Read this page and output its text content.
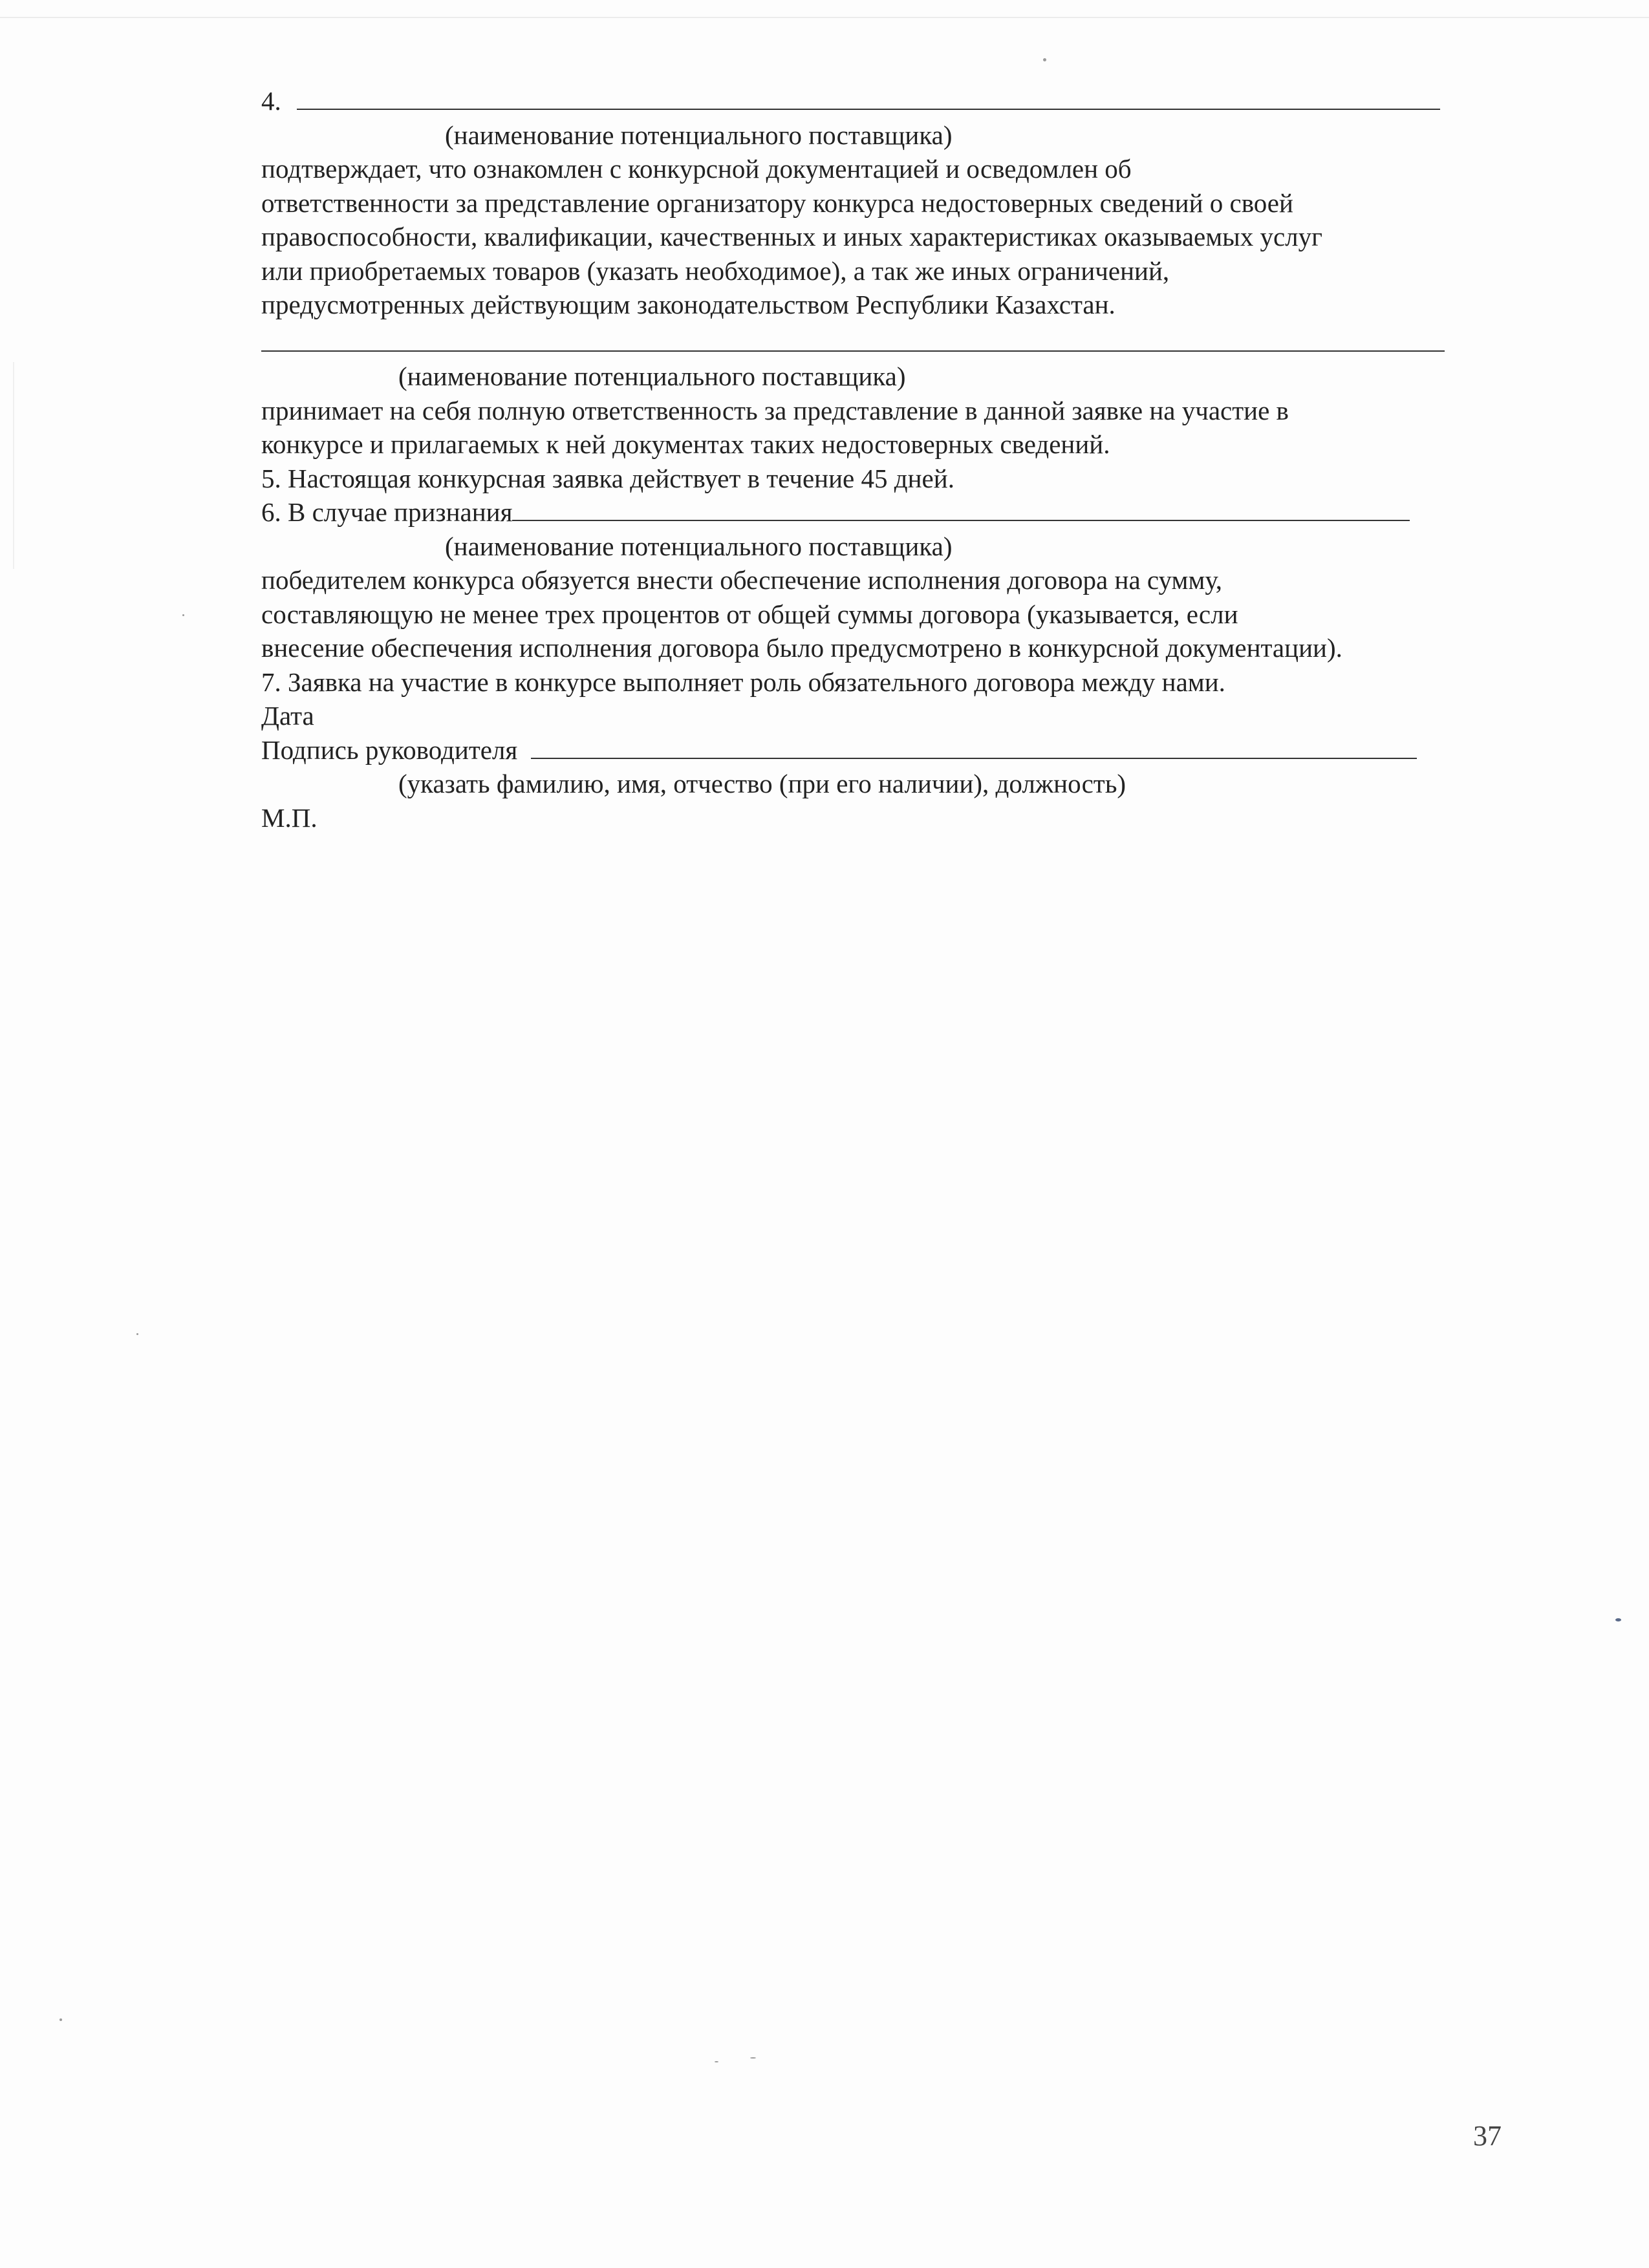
4.
(наименование потенциального поставщика)
подтверждает, что ознакомлен с конкурсной документацией и осведомлен об
ответственности за представление организатору конкурса недостоверных сведений о своей
правоспособности, квалификации, качественных и иных характеристиках оказываемых услуг
или приобретаемых товаров (указать необходимое), а так же иных ограничений,
предусмотренных действующим законодательством Республики Казахстан.
(наименование потенциального поставщика)
принимает на себя полную ответственность за представление в данной заявке на участие в
конкурсе и прилагаемых к ней документах таких недостоверных сведений.
5. Настоящая конкурсная заявка действует в течение 45 дней.
6. В случае признания
(наименование потенциального поставщика)
победителем конкурса обязуется внести обеспечение исполнения договора на сумму,
составляющую не менее трех процентов от общей суммы договора (указывается, если
внесение обеспечения исполнения договора было предусмотрено в конкурсной документации).
7. Заявка на участие в конкурсе выполняет роль обязательного договора между нами.
Дата
Подпись руководителя
(указать фамилию, имя, отчество (при его наличии), должность)
М.П.
37
